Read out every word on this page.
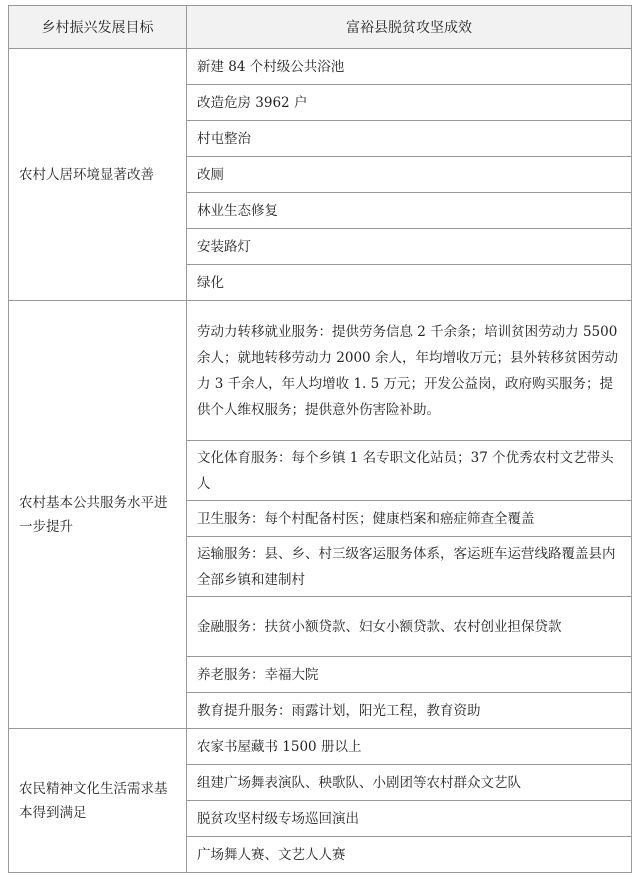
乡村振兴发展目标	富裕县脱贫攻坚成效
农村人居环境显著改善	新建 84 个村级公共浴池
	改造危房 3962 户
	村屯整治
	改厕
	林业生态修复
	安装路灯
	绿化
农村基本公共服务水平进一步提升	劳动力转移就业服务：提供劳务信息 2 千余条；培训贫困劳动力 5500 余人；就地转移劳动力 2000 余人，年均增收万元；县外转移贫困劳动力 3 千余人，年人均增收 1. 5 万元；开发公益岗，政府购买服务；提供个人维权服务；提供意外伤害险补助。
	文化体育服务：每个乡镇 1 名专职文化站员；37 个优秀农村文艺带头人
	卫生服务：每个村配备村医；健康档案和癌症筛查全覆盖
	运输服务：县、乡、村三级客运服务体系，客运班车运营线路覆盖县内全部乡镇和建制村
	金融服务：扶贫小额贷款、妇女小额贷款、农村创业担保贷款
	养老服务：幸福大院
	教育提升服务：雨露计划，阳光工程，教育资助
农民精神文化生活需求基本得到满足	农家书屋藏书 1500 册以上
	组建广场舞表演队、秧歌队、小剧团等农村群众文艺队
	脱贫攻坚村级专场巡回演出
	广场舞人赛、文艺人人赛
